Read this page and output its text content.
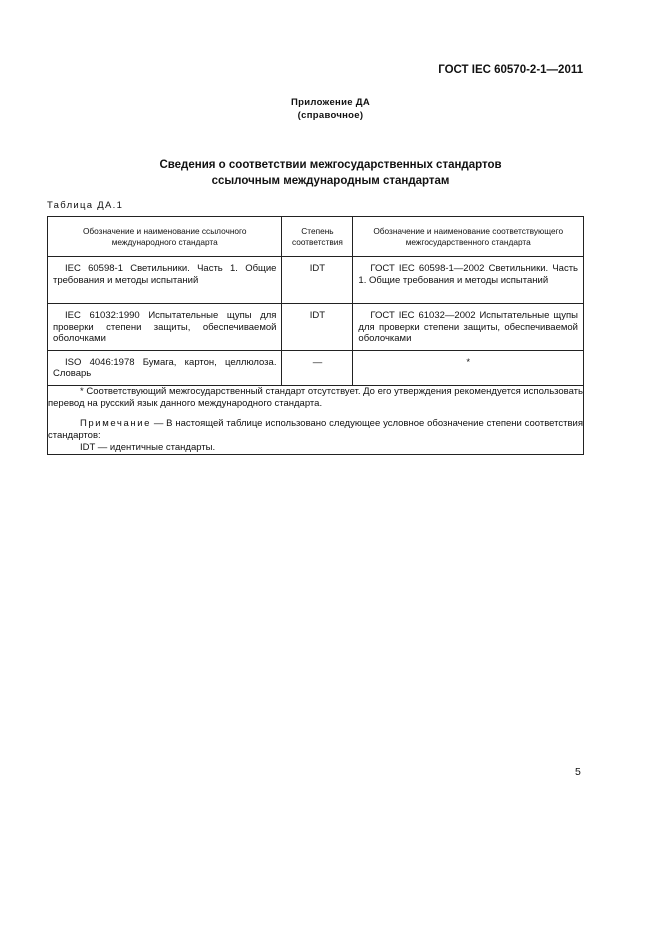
ГОСТ IEC 60570-2-1—2011
Приложение ДА
(справочное)
Сведения о соответствии межгосударственных стандартов
ссылочным международным стандартам
Таблица ДА.1
Обозначение и наименование ссылочного международного стандарта	Степень соответствия	Обозначение и наименование соответствующего межгосударственного стандарта

IEC 60598-1 Светильники. Часть 1. Общие требования и методы испытаний	IDT	ГОСТ IEC 60598-1—2002 Светильники. Часть 1. Общие требования и методы испытаний

IEC 61032:1990 Испытательные щупы для проверки степени защиты, обеспечиваемой оболочками	IDT	ГОСТ IEC 61032—2002 Испытательные щупы для проверки степени защиты, обеспечиваемой оболочками

ISO 4046:1978 Бумага, картон, целлюлоза. Словарь	—	*

* Соответствующий межгосударственный стандарт отсутствует. До его утверждения рекомендуется использовать перевод на русский язык данного международного стандарта.

Примечание — В настоящей таблице использовано следующее условное обозначение степени соответствия стандартов:

IDT — идентичные стандарты.		

5
